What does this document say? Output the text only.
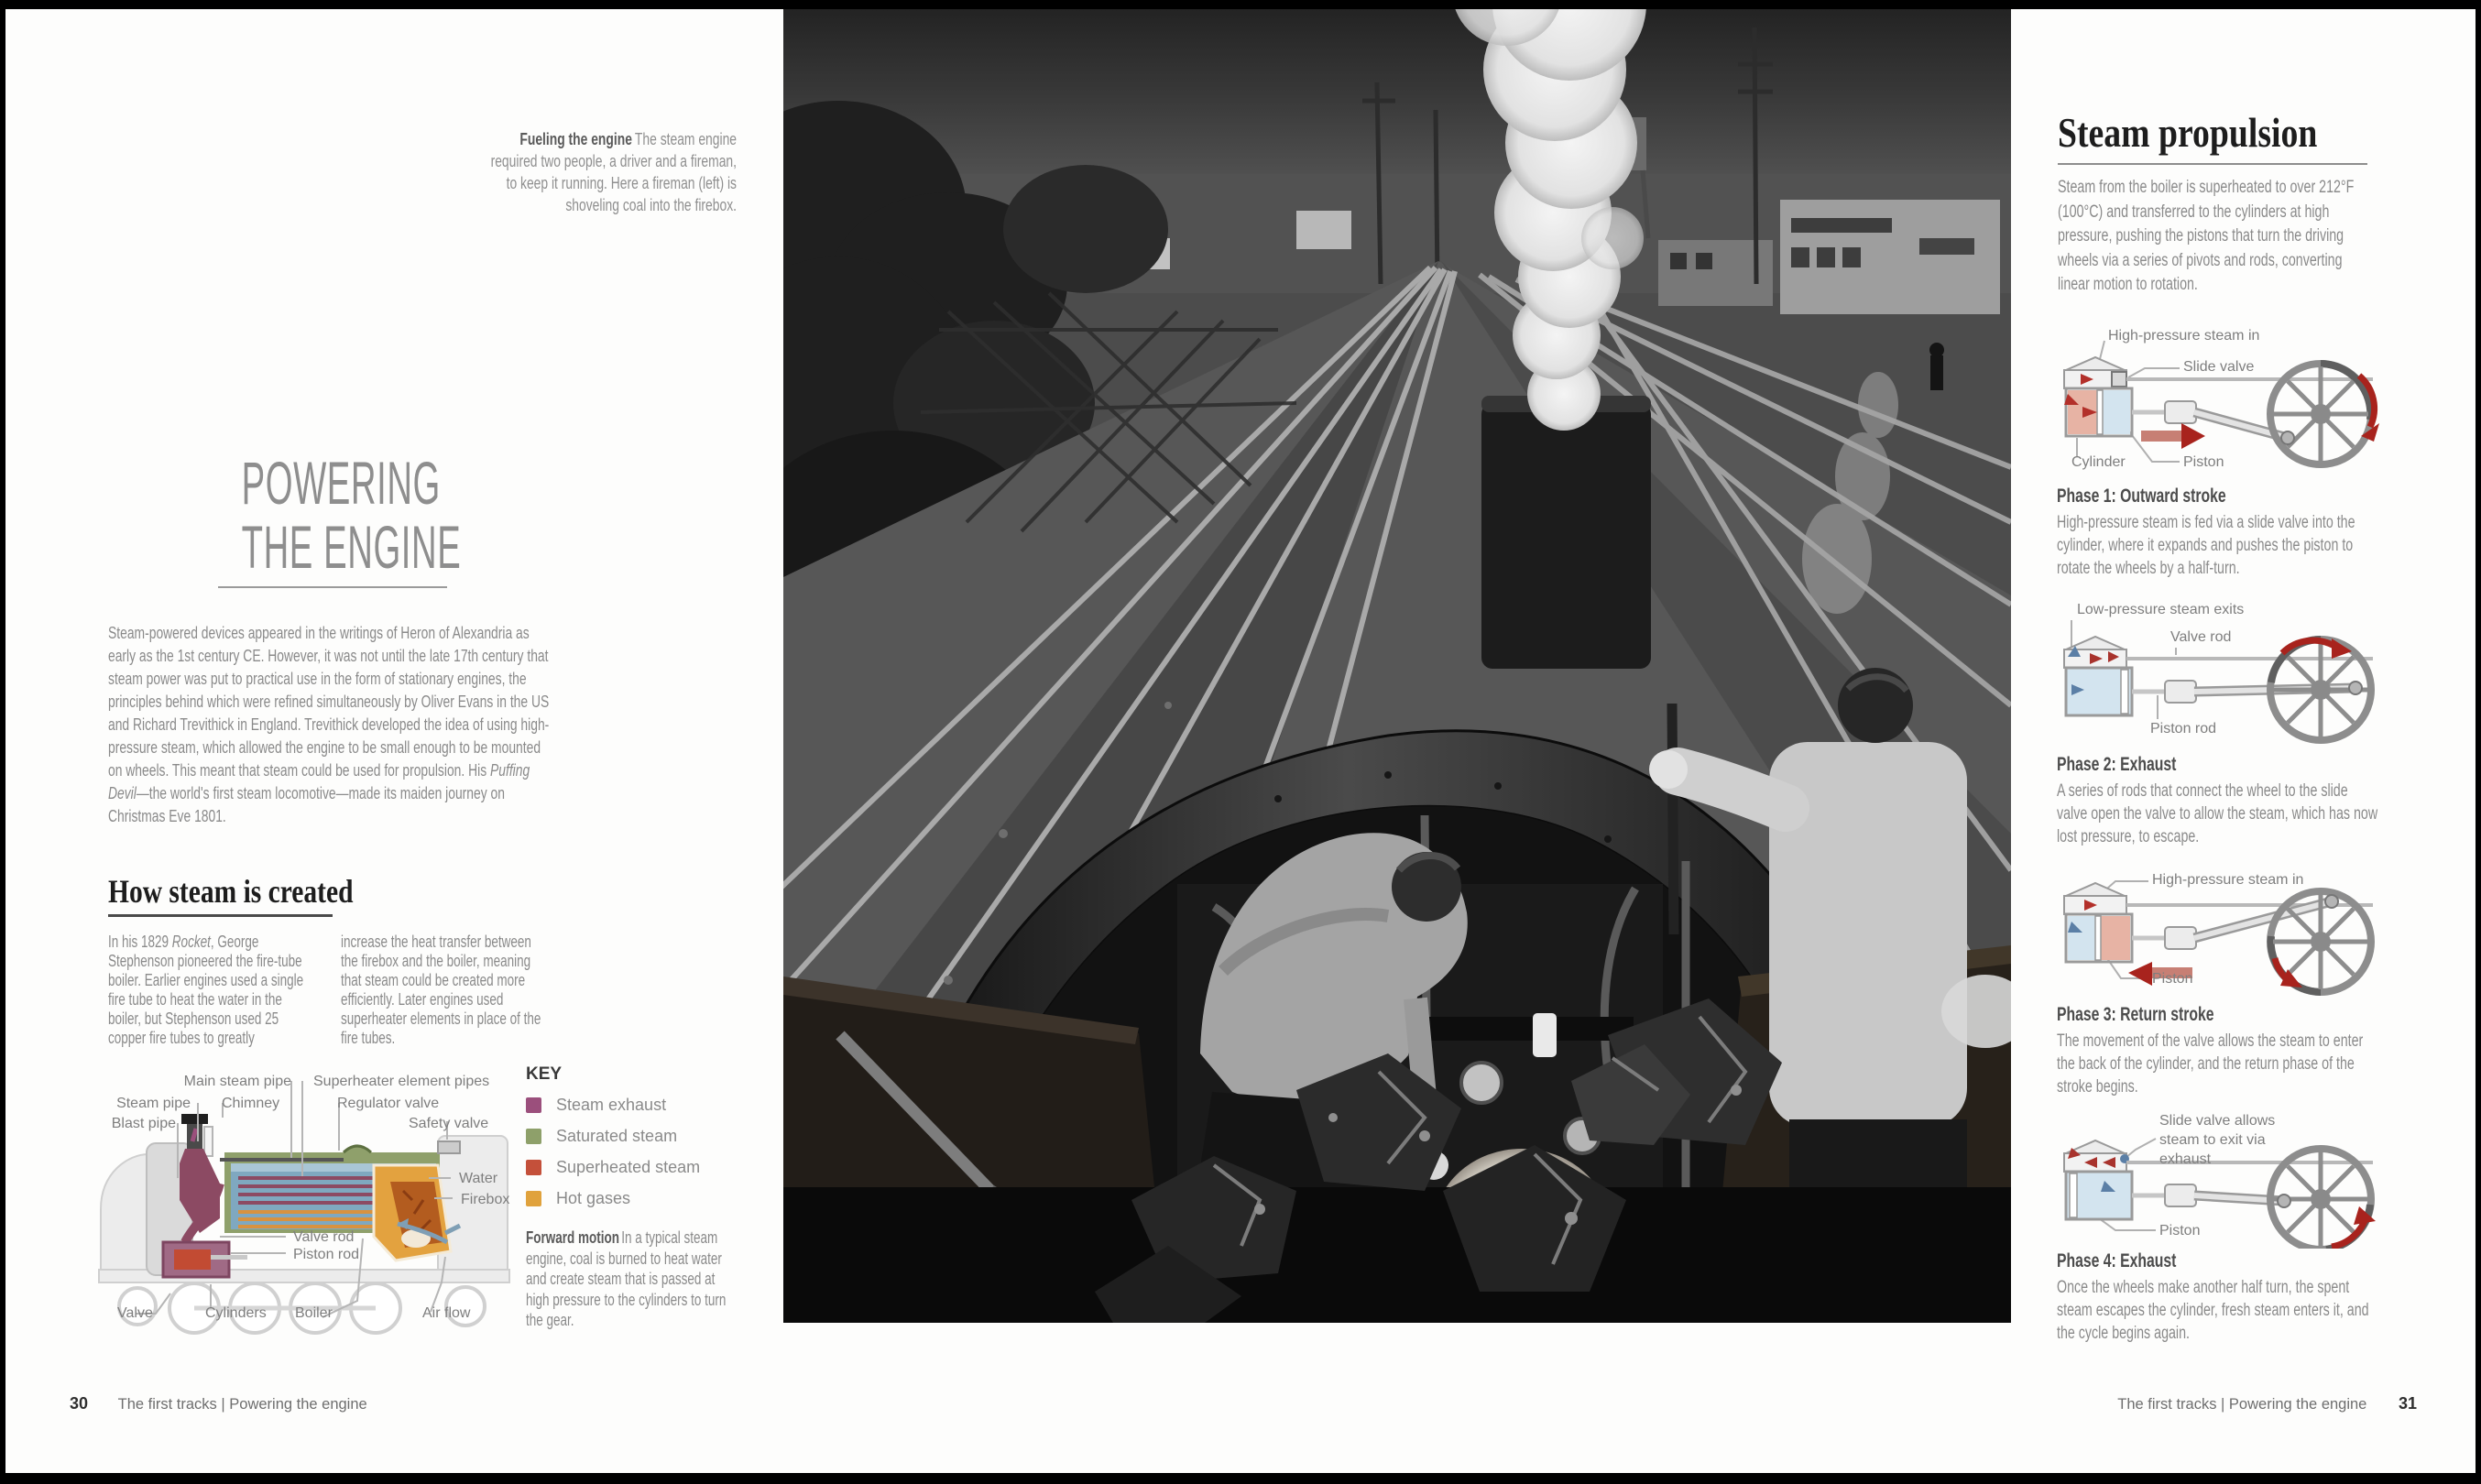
Fueling the engine The steam engine required two people, a driver and a fireman, to keep it running. Here a fireman (left) is shoveling coal into the firebox.
POWERING
THE ENGINE
Steam-powered devices appeared in the writings of Heron of Alexandria as early as the 1st century CE. However, it was not until the late 17th century that steam power was put to practical use in the form of stationary engines, the principles behind which were refined simultaneously by Oliver Evans in the US and Richard Trevithick in England. Trevithick developed the idea of using high-pressure steam, which allowed the engine to be small enough to be mounted on wheels. This meant that steam could be used for propulsion. His Puffing Devil—the world's first steam locomotive—made its maiden journey on Christmas Eve 1801.
How steam is created
In his 1829 Rocket, George Stephenson pioneered the fire-tube boiler. Earlier engines used a single fire tube to heat the water in the boiler, but Stephenson used 25 copper fire tubes to greatly
increase the heat transfer between the firebox and the boiler, meaning that steam could be created more efficiently. Later engines used superheater elements in place of the fire tubes.
Main steam pipe Superheater element pipes
Steam pipe Chimney	Regulator valve
Blast pipe	Safety valve
Water
Firebox
Valve rod
Piston rod
Valve	Cylinders Boiler	Air flow
KEY
Steam exhaust
Saturated steam
Superheated steam
Hot gases
Forward motion In a typical steam engine, coal is burned to heat water and create steam that is passed at high pressure to the cylinders to turn the gear.
30 The first tracks | Powering the engine
Steam propulsion
Steam from the boiler is superheated to over 212°F (100°C) and transferred to the cylinders at high pressure, pushing the pistons that turn the driving wheels via a series of pivots and rods, converting linear motion to rotation.
High-pressure steam in
Slide valve
Cylinder	Piston
Phase 1: Outward stroke
High-pressure steam is fed via a slide valve into the cylinder, where it expands and pushes the piston to rotate the wheels by a half-turn.
Low-pressure steam exits
Valve rod
Piston rod
Phase 2: Exhaust
A series of rods that connect the wheel to the slide valve open the valve to allow the steam, which has now lost pressure, to escape.
High-pressure steam in
Piston
Phase 3: Return stroke
The movement of the valve allows the steam to enter the back of the cylinder, and the return phase of the stroke begins.
Slide valve allows steam to exit via exhaust
Piston
Phase 4: Exhaust
Once the wheels make another half turn, the spent steam escapes the cylinder, fresh steam enters it, and the cycle begins again.
The first tracks | Powering the engine 31
